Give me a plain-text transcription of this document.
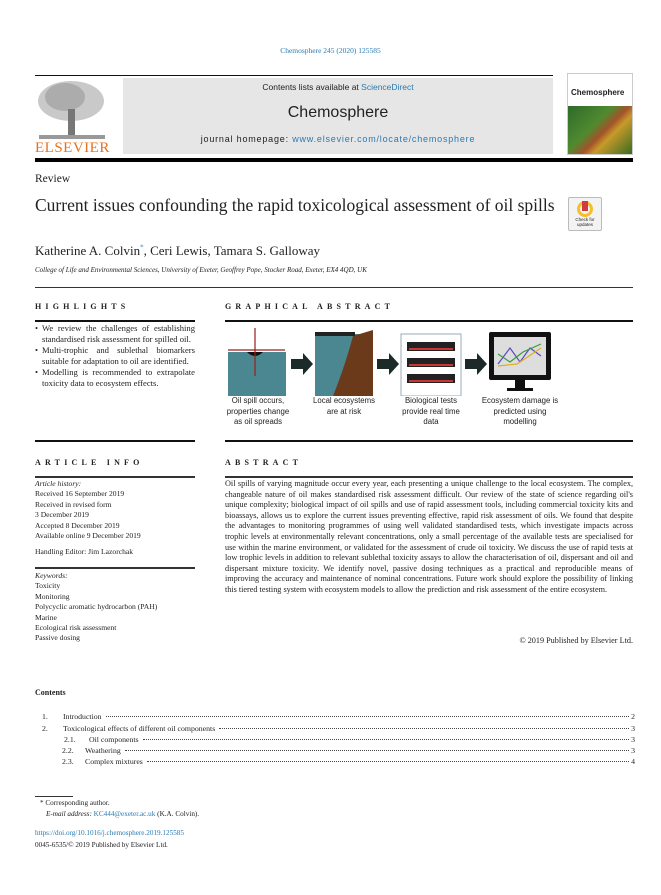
Chemosphere 245 (2020) 125585
ELSEVIER
Contents lists available at ScienceDirect
Chemosphere
journal homepage: www.elsevier.com/locate/chemosphere
Chemosphere
Review
Current issues confounding the rapid toxicological assessment of oil spills
Check for updates
Katherine A. Colvin*, Ceri Lewis, Tamara S. Galloway
College of Life and Environmental Sciences, University of Exeter, Geoffrey Pope, Stocker Road, Exeter, EX4 4QD, UK
HIGHLIGHTS
• We review the challenges of establishing standardised risk assessment for spilled oil.
• Multi-trophic and sublethal biomarkers suitable for adaptation to oil are identified.
• Modelling is recommended to extrapolate toxicity data to ecosystem effects.
GRAPHICAL ABSTRACT
Oil spill occurs, properties change as oil spreads
Local ecosystems are at risk
Biological tests provide real time data
Ecosystem damage is predicted using modelling
ARTICLE INFO
Article history:
Received 16 September 2019
Received in revised form
3 December 2019
Accepted 8 December 2019
Available online 9 December 2019
Handling Editor: Jim Lazorchak
Keywords:
Toxicity
Monitoring
Polycyclic aromatic hydrocarbon (PAH)
Marine
Ecological risk assessment
Passive dosing
ABSTRACT
Oil spills of varying magnitude occur every year, each presenting a unique challenge to the local ecosystem. The complex, changeable nature of oil makes standardised risk assessment difficult. Our review of the state of science regarding oil's unique complexity; biological impact of oil spills and use of rapid assessment tools, including commercial toxicity kits and bioassays, allows us to explore the current issues preventing effective, rapid risk assessment of oils. We found that despite the advantages to monitoring programmes of using well validated standardised tests, which investigate impacts across trophic levels at environmentally relevant concentrations, only a small percentage of the available tests are specialised for use within the marine environment, or validated for the assessment of crude oil toxicity. We discuss the use of rapid tests at low trophic levels in addition to relevant sublethal toxicity assays to allow the characterisation of oil, dispersant and oil and dispersant mixture toxicity. We identify novel, passive dosing techniques as a practical and reproducible means of improving the accuracy and maintenance of nominal concentrations. Future work should explore the possibility of linking this tiered testing system with ecosystem models to allow the prediction and risk assessment of the entire ecosystem.
© 2019 Published by Elsevier Ltd.
Contents
1.	Introduction	2
2.	Toxicological effects of different oil components	3
2.1.	Oil components	3
2.2.	Weathering	3
2.3.	Complex mixtures	4
* Corresponding author.
E-mail address: KC444@exeter.ac.uk (K.A. Colvin).
https://doi.org/10.1016/j.chemosphere.2019.125585
0045-6535/© 2019 Published by Elsevier Ltd.
